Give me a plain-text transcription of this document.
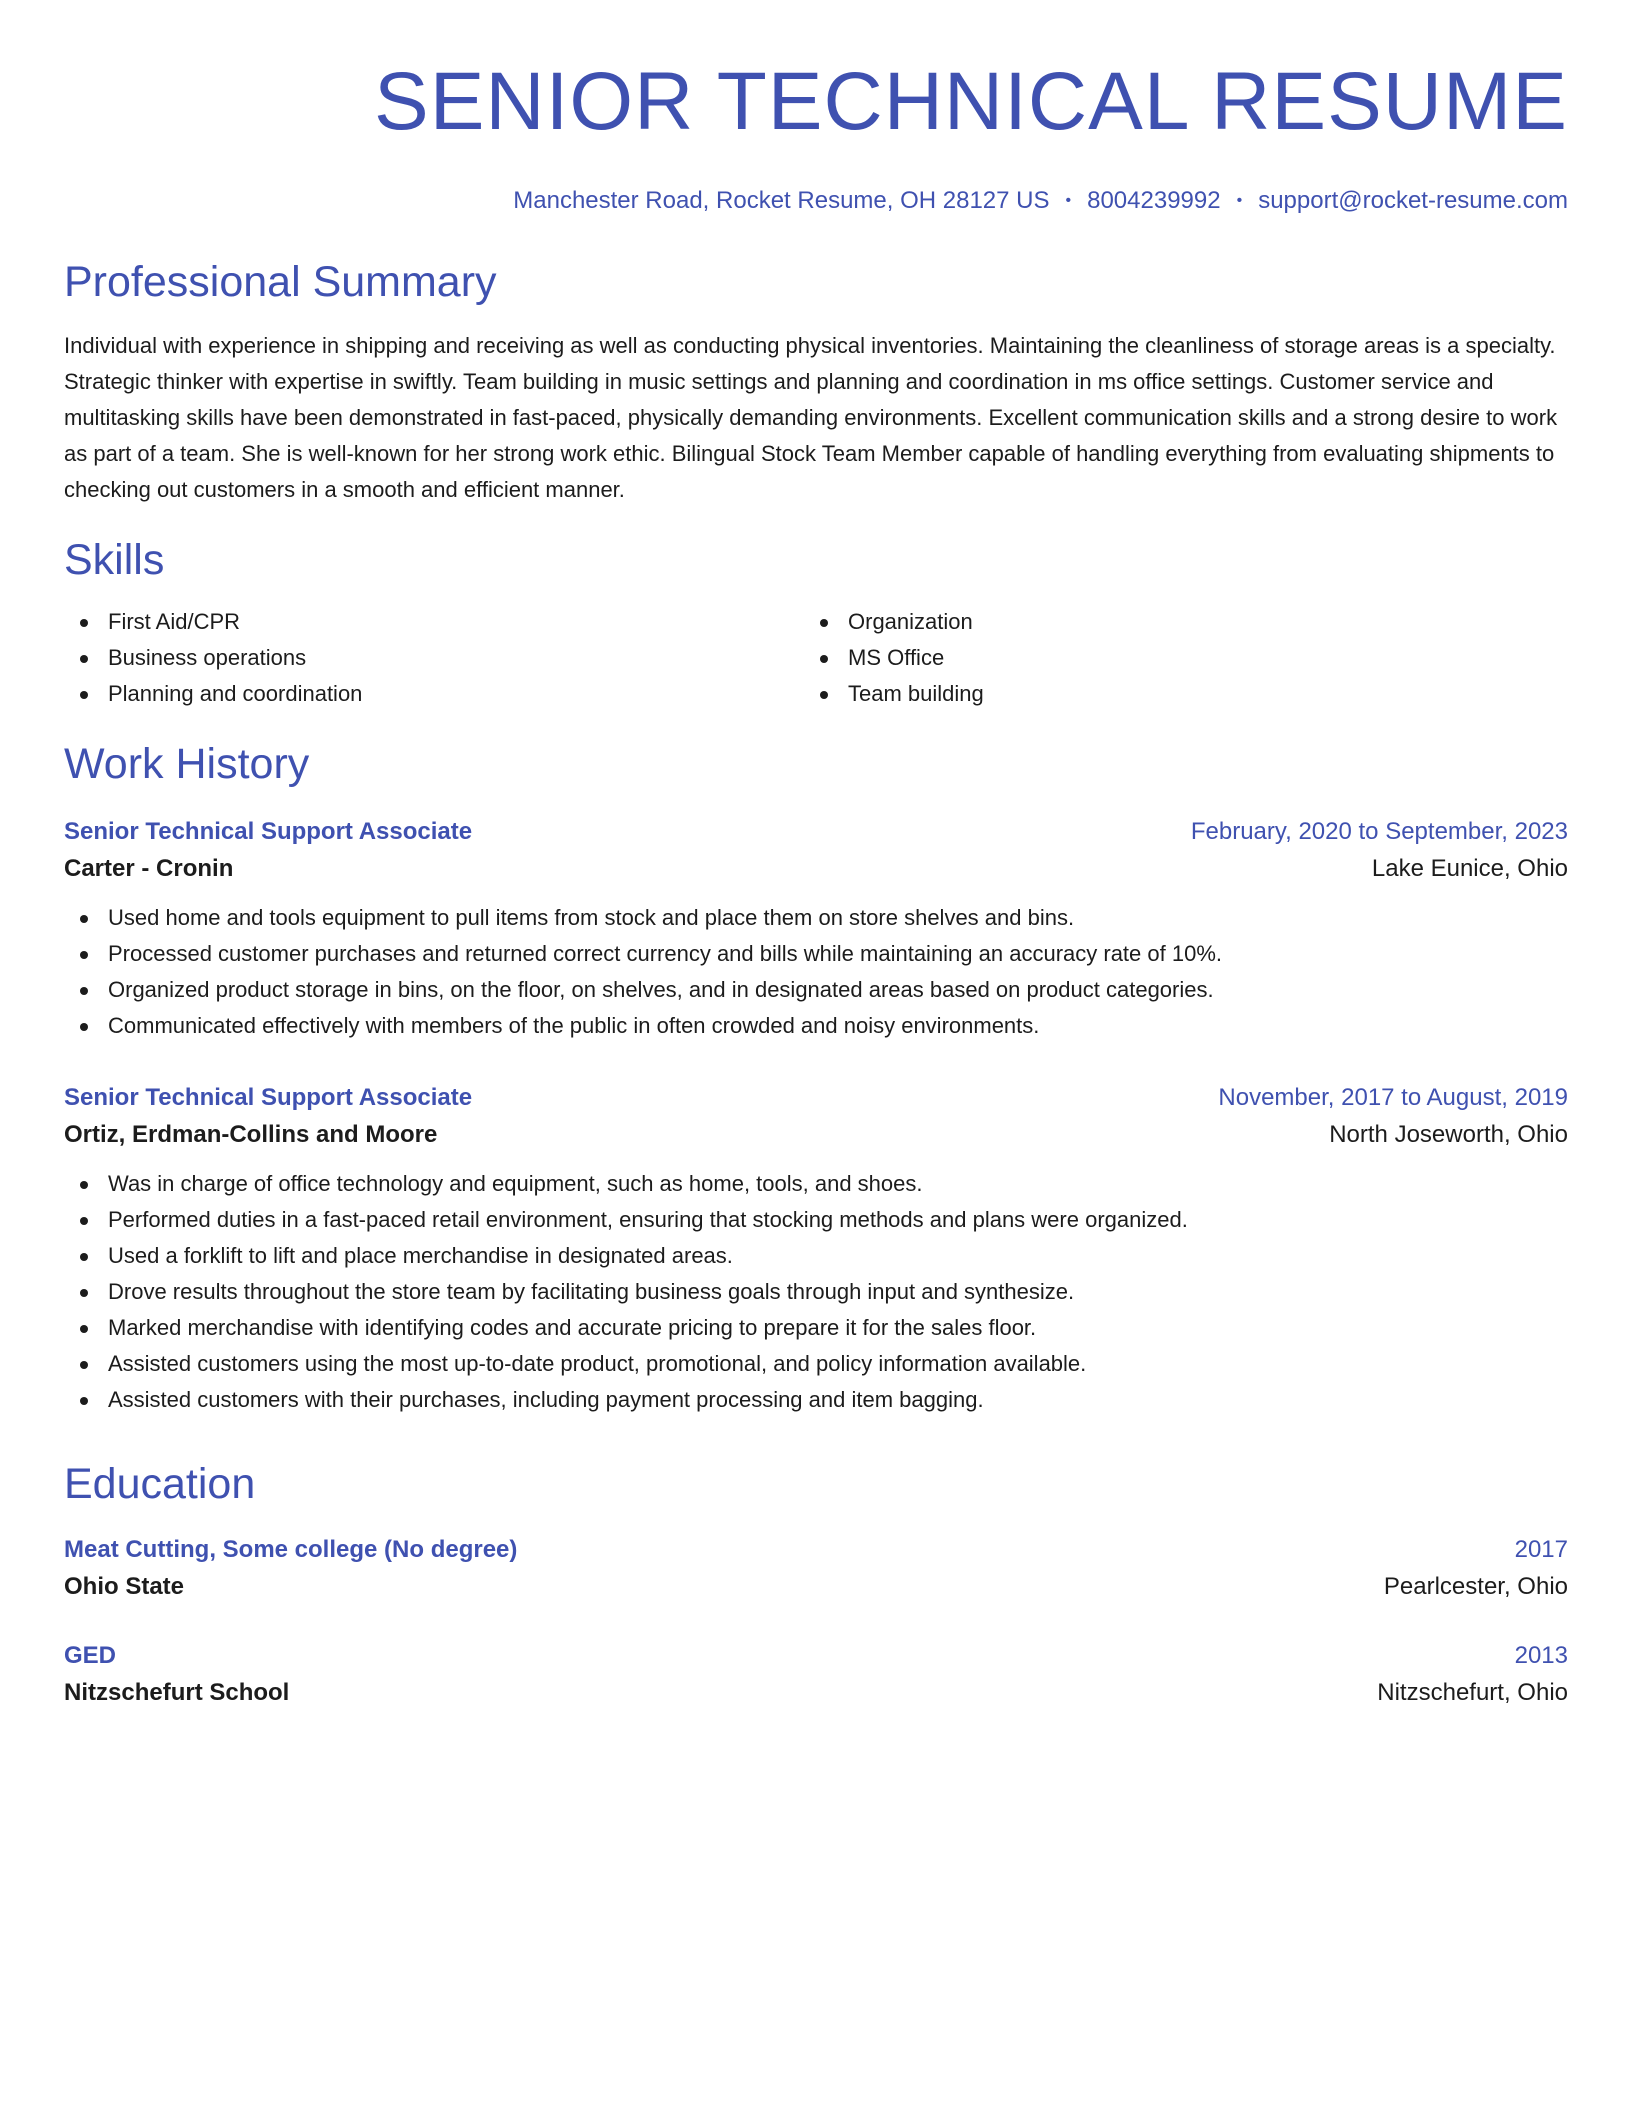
SENIOR TECHNICAL RESUME
Manchester Road, Rocket Resume, OH 28127 US • 8004239992 • support@rocket-resume.com
Professional Summary

Individual with experience in shipping and receiving as well as conducting physical inventories. Maintaining the cleanliness of storage areas is a specialty. Strategic thinker with expertise in swiftly. Team building in music settings and planning and coordination in ms office settings. Customer service and multitasking skills have been demonstrated in fast-paced, physically demanding environments. Excellent communication skills and a strong desire to work as part of a team. She is well-known for her strong work ethic. Bilingual Stock Team Member capable of handling everything from evaluating shipments to checking out customers in a smooth and efficient manner.

Skills
First Aid/CPR
Business operations
Planning and coordination
Organization
MS Office
Team building
Work History
Senior Technical Support Associate	February, 2020 to September, 2023
Carter - Cronin	Lake Eunice, Ohio
Used home and tools equipment to pull items from stock and place them on store shelves and bins.
Processed customer purchases and returned correct currency and bills while maintaining an accuracy rate of 10%.
Organized product storage in bins, on the floor, on shelves, and in designated areas based on product categories.
Communicated effectively with members of the public in often crowded and noisy environments.
Senior Technical Support Associate	November, 2017 to August, 2019
Ortiz, Erdman-Collins and Moore	North Joseworth, Ohio
Was in charge of office technology and equipment, such as home, tools, and shoes.
Performed duties in a fast-paced retail environment, ensuring that stocking methods and plans were organized.
Used a forklift to lift and place merchandise in designated areas.
Drove results throughout the store team by facilitating business goals through input and synthesize.
Marked merchandise with identifying codes and accurate pricing to prepare it for the sales floor.
Assisted customers using the most up-to-date product, promotional, and policy information available.
Assisted customers with their purchases, including payment processing and item bagging.
Education
Meat Cutting, Some college (No degree)	2017
Ohio State	Pearlcester, Ohio
GED	2013
Nitzschefurt School	Nitzschefurt, Ohio
